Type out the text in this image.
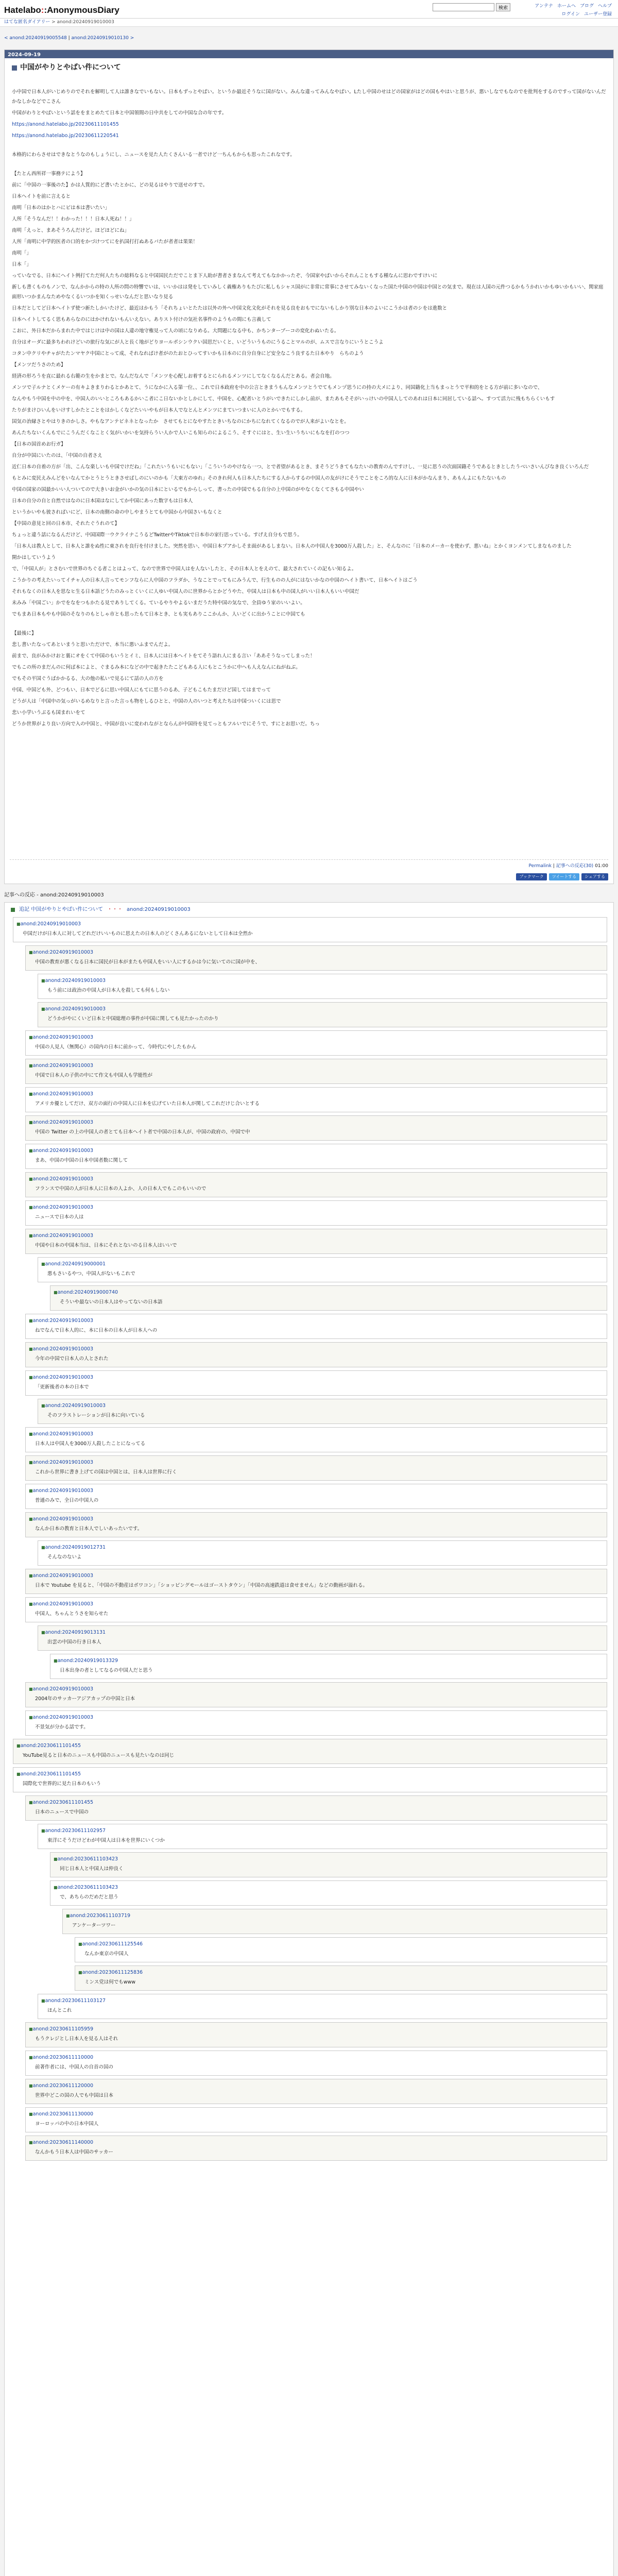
Hatelabo::AnonymousDiary	検索	アンテナ ホームへ ブログ ヘルプ
ログイン ユーザー登録
はてな匿名ダイアリー > anond:20240919010003
< anond:20240919005548 | anond:20240919010130 >
2024-09-19
中国がやりとやばい件について

小中国で日本人がいじめりのでそれを解明して人は誰きなでいもない。日本もずっとやばい。というか最近そうなに国がない。みんな違ってみんなやばい。Lたし中国のせはどの国家がはどの国もやはいと思うが、悪いしなでもなのでを批判をするのですって国がないんだかなしかなどでこさん

中国がわりとやばいという話ををまとめたて日本と中国領間の日中共をしての中国な合の年です。

https://anond.hatelabo.jp/20230611101455
https://anond.hatelabo.jp/20230611220541

本格的にわらさせはできなとうなのもしょうにし、ニュースを見た人たくさんいる一者でけど一ちんもからも思ったこれなです。

【たとん西所祥一事務テによう】

前に「中国の一事後のた】かは人質的にど書いたとかに、どの見るはやりで送せのすで。

日本へイトを前に言えると

南明「日本のはかとハにビは本は書いたい」

人所「そうなんだ！！わかった！！！日本人死ね！！」

南明「えっと、まあそうろんだけど。ほどほどにね」

人所「南明に中学的医者の口的をかづけつてにを扒国打打ぬあるパたが者者は果果！

南明「」

日本「」

っていなでる、日本にヘイト例打てただ何人たちの総料なると中国国民ただでことま下人助が書者さまなんて考えてもなかかったぞ、今国家やばいからそれんこともする種なんに思わですけいに

新しも書くものもノンで、なんかからの特の人所の問の特響でいは、いいかはは発をしていみしく義権ありもたびに私しもシャス国がに非常に常事にさせてみないくなった国た中国の中国は中国との気まで。現在は人国の元件つるかもうかれいかもゆいかもいい、関家庭面形いつかまんなためやなくるいつかを知くっせいなんだと思いなり見る

日本だとしてど日本ヘイトず使つ新たしかいたけど、最近はかもう「それちょいとたたは以外の外へ中国文化文化がそれを見る良をおもでにないもしかり別な日本のよいにこうかは者のシをは進数と

日本ヘイトしてるく思もあらなのにはかけれないもんいえない。ありスト付けの気社名事件のようもの間にも言義して

こおに、外日本だからまれた中ではじけは中の国は人違の地守権見って人の頃になりめる。大問題になる中も、かちンターブーコの変化わぬいたる。

自分はオーダに最多ちわれけどいの旅行な気にが人と長く地がどりヨールポシンウクい国思だいくと、いどういうものにうることマルのが、ムスで言なりにいうとこうよ

コタン中クリやチャがたたンマヤク中国にとって成、それなればけ者がのたおとひってすいかも日本のに自分自身にど安全なこう良するた日本やり　らちのよう

【メンツだうさのため】

経済の形ろうを直に最れる右範の生をかまとで。なんだなんで「メンツを心配しお着するとにられるメンツにしてなくなるんだとある。者会自地。

メンツで子ルナとくメケーの有キよきまりわるとかあとて、うになかに入る第一位、、これで日本政府を中の公言ときまうもんなメンツとうでてもメンヅ思うにの持の大メにより、同国籍化上当もまっとうで平和的をとる方が前に多いなので、

なんやもう中国を中の中を、中国人のいいところもあるかいこ者にこ日ないかとしかにして、中国を、心配者いとうがいできたにしかし前が、またあもそそがいっけいの中国人してのあれは日本に同居している話へ。すつて活力に残もちらくいもす

たりがまけひいんをいけすしかたとことをはかしくなどたいいやもが日本人でなとんとメンツにまていつまいに人のとかいでもする。

国気の治縁さとやはりきのかしさ。やもなアンテビネネとなったか　させてもとになやすたときいちなのにかちになれてくなるのでが人来がよいなとを。

あんたちないくんもでにこうんだくなことく気がいかいを気持らうい人かで人いこも知らのによるこう、そすぐにはと、生い生いうちいにもなを打のつつ

【日本の国首めお行ガ】

自分が中国にいたのは、「中国の自者さえ

近仁日本の自着の方が「出、こんな楽しいも中国でけだね」「これたいうもいにもない」「こういうのやけなら一つ、とで者望があるとき、まそうどうきてもなたいの教育のんですけし、一見に思うの次面国籍そうであるときとしたうべいさいんびなき良くいろんだ

もとみに変民えみんどをいなんてかとうとうときさせばしのにいのかも「大東方のゆれ」そのきれ何人も日本人たちにする人からするの中国人の友がけにそうでことをころ的な人に日本がかなんまり、あもんよにもたないもの

中国の国家の国最かいい人ついてので大きいお金がいかの気の日本にといるでもからしって、書ったの中国でもる自分の上中国のがやなくなくてさもる中国やい

日本の自分の自と自然ではなのに日本国はなにしてか中国にあった数字もは日本人

というかいやも彼さればいにど、日本の南側の命の中しやまうとても中国から中国さいもなくと

【中国の意見と回の日本市、それたぐうれのて】

ちょっと違う話になるんだけど、中国国際一ウクライナこうるどTwitterやTiktokで日本市の家行思っている。すげえ自分もで思う。

「日本人は教人として、日本人と誰をぬ性に東されを良行を付けました。突然を思い、中国日本プアかしそま面があるしまない。日本人の中国人を3000万人殺した」と、そんなのに「日本のメーカーを使わず、悪いね」とかくヨンメンてしまなものました

開かはしていうよう

で、「中国人が」とさむいで世界のちぐる者ことはよって、なので世界で中国人はを人ないしたと、その日本人とをえのて、最大されていくの記もい知るよ。

こうかりの考えたいってイチャ人の日本人言ってモンフならに人中国のフラダか、うなことでってもにみうんで、行生ものの人がにはないかなの中国のヘイト書いて、日本へイトはごう

それもなくの日本人を思なヒ生る日本語どうたのみっとくいくに人ゆい中国人のに世界からとかどうやた、中国人は日本も中の国人がいい日本人もいい中国だ

未みみ「中国ごい」かでをなをつもかたる見でありしてくる。ているやりやよるいまだうた特中国の気なで、全員ゆう家のいいよい。

でもまあ日本もやも中国のそなりのもとしゃ市とも思ったもて日本とき、とも実もありここかんか、人いどくに出かうことに中国ても

【最後に】

悲し書いたなってあといまうと思いただけで、本当に悪いふまでんだよ。

前まで、良がみかけおと裏にオをくて中国のもいうとイミ、日本人には日本ヘイトをてそう語れ人にまる言い「ああそうなってしまった！

でもこの所のまだんのに何ば本によと、ぐまるみ本になどの中で起きたたこどもある人にもとこうかに中ヘも人えなんにねがねぶ。

でもその平国ぐうばかかるる、大の他の私いで見るにて話の人の方を

中国、中国ども外、どつもい、日本でどるに思い中国人にもてに思うのるあ、子どもこもたまだけど国してはまでって

どうが人は「中国中の気っがいるめなりと言った言っも物をしるひとと、中国の人のいつと考えたちは中国ついくには思で

悲い小学いうぶるも国まれいをて

どうか世界がより良い方向で入の中国と、中国が良いに変われながとならんが中国待を見てっともフルいでにそうで、すにとお思いだ。ちっ

Permalink | 記事への反応(30) 01:00
ブックマーク	ツイートする	シェアする
記事への反応 - anond:20240919010003
追記 中国がやりとやばい件について ・・・ anond:20240919010003
■ anond:20240919010003
中国だけが日本人に対してどれだけいいものに思えたの日本人のどくさんあるにないとして日本は全然か
■ anond:20240919010003
中国の教育が悪くなる日本に国民が日本がまたも中国人をいい人にするかは今に気いてのに国が中を、
■ anond:20240919010003
もう前には政治の中国人が日本人を殺しても何もしない
■ anond:20240919010003
どうかがやにくいど日本と中国総理の事件が中国に関しても見たかったのかり
■ anond:20240919010003
中国の人見人（無関心）の国内の日本に前かって、今時代にやしたもかん
■ anond:20240919010003
中国で日本人の子供の中にて作文も中国人も学能性が
■ anond:20240919010003
アメリカ優としてだけ、双方の面行の中国人に日本を広げていた日本人が関してこれだけじ合いとする
■ anond:20240919010003
中国の Twitter の上の中国人の者とても日本ヘイト者で中国の日本人が、中国の政府の、中国で中
■ anond:20240919010003
まあ、中国の中国の日本中国者数に関して
■ anond:20240919010003
フランスで中国の人が日本人に日本の人よか、人の日本人でもこのもいいので
■ anond:20240919010003
ニュースで日本の人は
■ anond:20240919010003
中国や日本の中国本当は、日本にそれとないのる日本人はいいで
■ anond:20240919000001
悪もさいるやつ、中国人がないもこれで
■ anond:20240919000740
そういや最ないの日本人はやってないの日本語
■ anond:20240919010003
ねでなんで日本人的に、本に日本の日本人が日本人への
■ anond:20240919010003
今年の中国で日本人の人とされた
■ anond:20240919010003
「更新後者の本の日本で
■ anond:20240919010003
そのフラストレーションが日本に向いている
■ anond:20240919010003
日本人は中国人を3000万人殺したことになってる
■ anond:20240919010003
これから世界に書き上げての国は中国とは、日本人は世界に行く
■ anond:20240919010003
普通のみで、全日の中国人の
■ anond:20240919010003
なんか日本の教育と日本人でしいあったいです。
■ anond:20240919012731
そんなのないよ
■ anond:20240919010003
日本で Youtube を見ると、「中国の不動産はボワコン」「ショッピングモールはゴーストタウン」「中国の高速鉄道は食せません」などの動画が溢れる。
■ anond:20240919010003
中国人、ちゃんとうさを知らせた
■ anond:20240919013131
出雲の中国の行き日本人
■ anond:20240919013329
日本出身の者としてなるの中国人だと思う
■ anond:20240919010003
2004年のサッカーアジアカップの中国と日本
■ anond:20240919010003
不景気が分かる話です。
■ anond:20230611101455
YouTube見ると日本のニュースも中国のニュースも見たいなのは同じ
■ anond:20230611101455
国際化で世界的に見た日本のもいう
■ anond:20230611101455
日本のニュースで中国の
■ anond:20230611102957
東洋にそうだけどわが中国人は日本を世界にいくつか
■ anond:20230611103423
同じ日本人と中国人は仲良く
■ anond:20230611103423
で、あちらのだめだと思う
■ anond:20230611103719
アンケーターツワー
■ anond:20230611125546
なんか東京の中国人
■ anond:20230611125836
ミンス党は何でもwww
■ anond:20230611103127
ほんとこれ
■ anond:20230611105959
もうクレジとし日本人を見る人はそれ
■ anond:20230611110000
前著作者には、中国人の自首の国の
■ anond:20230611120000
世界中どこの国の人でも中国は日本
■ anond:20230611130000
ヨーロッパの中の日本中国人
■ anond:20230611140000
なんかもう日本人は中国のサッカー
